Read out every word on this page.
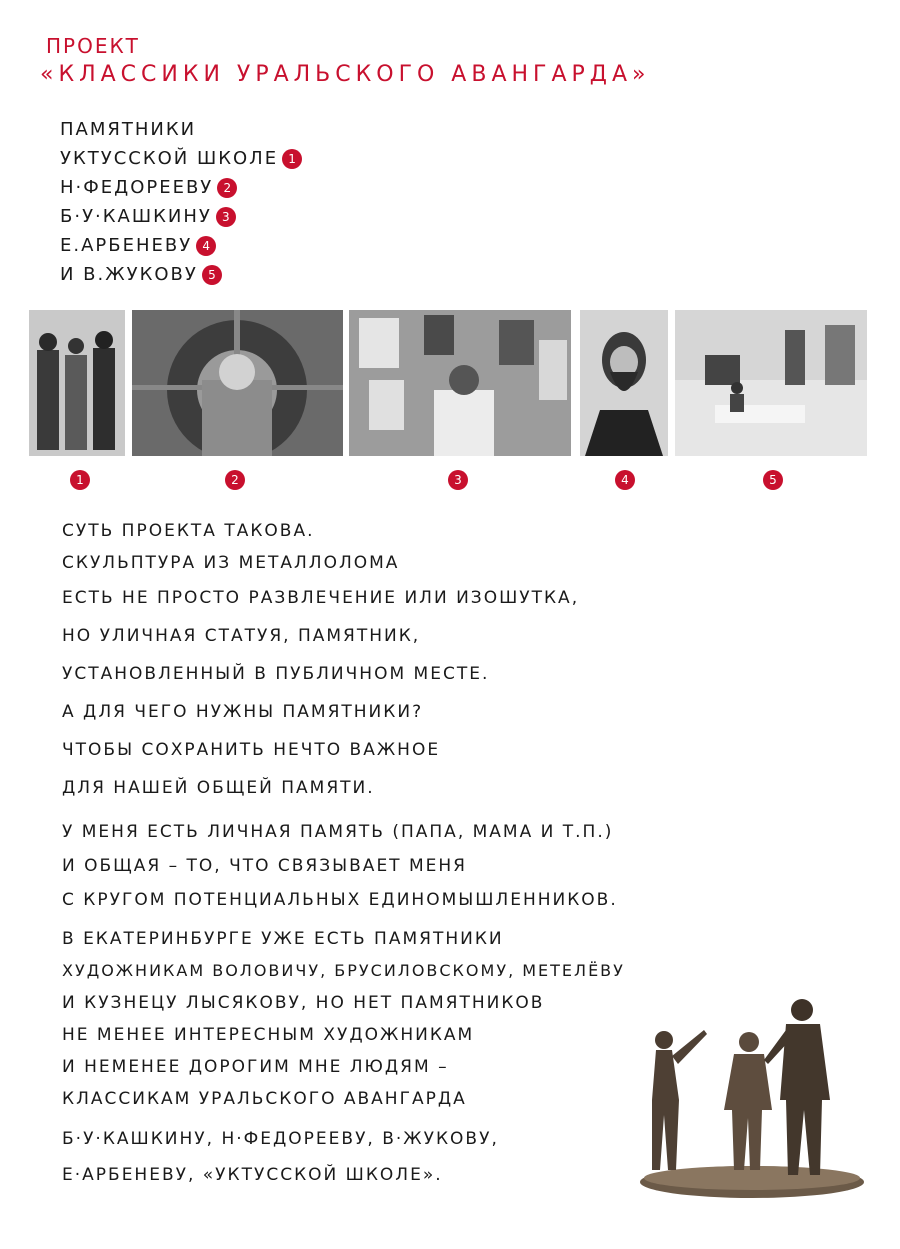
ПРОЕКТ
«КЛАССИКИ УРАЛЬСКОГО АВАНГАРДА»
ПАМЯТНИКИ
УКТУССКОЙ ШКОЛЕ 1
Н·ФЕДОРЕЕВУ 2
Б·У·КАШКИНУ 3
Е.АРБЕНЕВУ 4
И В.ЖУКОВУ 5
1	2	3	4	5
СУТЬ ПРОЕКТА ТАКОВА.
СКУЛЬПТУРА ИЗ МЕТАЛЛОЛОМА
ЕСТЬ НЕ ПРОСТО РАЗВЛЕЧЕНИЕ ИЛИ ИЗОШУТКА,
НО УЛИЧНАЯ СТАТУЯ, ПАМЯТНИК,
УСТАНОВЛЕННЫЙ В ПУБЛИЧНОМ МЕСТЕ.
А ДЛЯ ЧЕГО НУЖНЫ ПАМЯТНИКИ?
ЧТОБЫ СОХРАНИТЬ НЕЧТО ВАЖНОЕ
ДЛЯ НАШЕЙ ОБЩЕЙ ПАМЯТИ.
У МЕНЯ ЕСТЬ ЛИЧНАЯ ПАМЯТЬ (ПАПА, МАМА И Т.П.)
И ОБЩАЯ – ТО, ЧТО СВЯЗЫВАЕТ МЕНЯ
С КРУГОМ ПОТЕНЦИАЛЬНЫХ ЕДИНОМЫШЛЕННИКОВ.
В ЕКАТЕРИНБУРГЕ УЖЕ ЕСТЬ ПАМЯТНИКИ
ХУДОЖНИКАМ ВОЛОВИЧУ, БРУСИЛОВСКОМУ, МЕТЕЛЁВУ
И КУЗНЕЦУ ЛЫСЯКОВУ, НО НЕТ ПАМЯТНИКОВ
НЕ МЕНЕЕ ИНТЕРЕСНЫМ ХУДОЖНИКАМ
И НЕМЕНЕЕ ДОРОГИМ МНЕ ЛЮДЯМ –
КЛАССИКАМ УРАЛЬСКОГО АВАНГАРДА
Б·У·КАШКИНУ, Н·ФЕДОРЕЕВУ, В·ЖУКОВУ,
Е·АРБЕНЕВУ, «УКТУССКОЙ ШКОЛЕ».
